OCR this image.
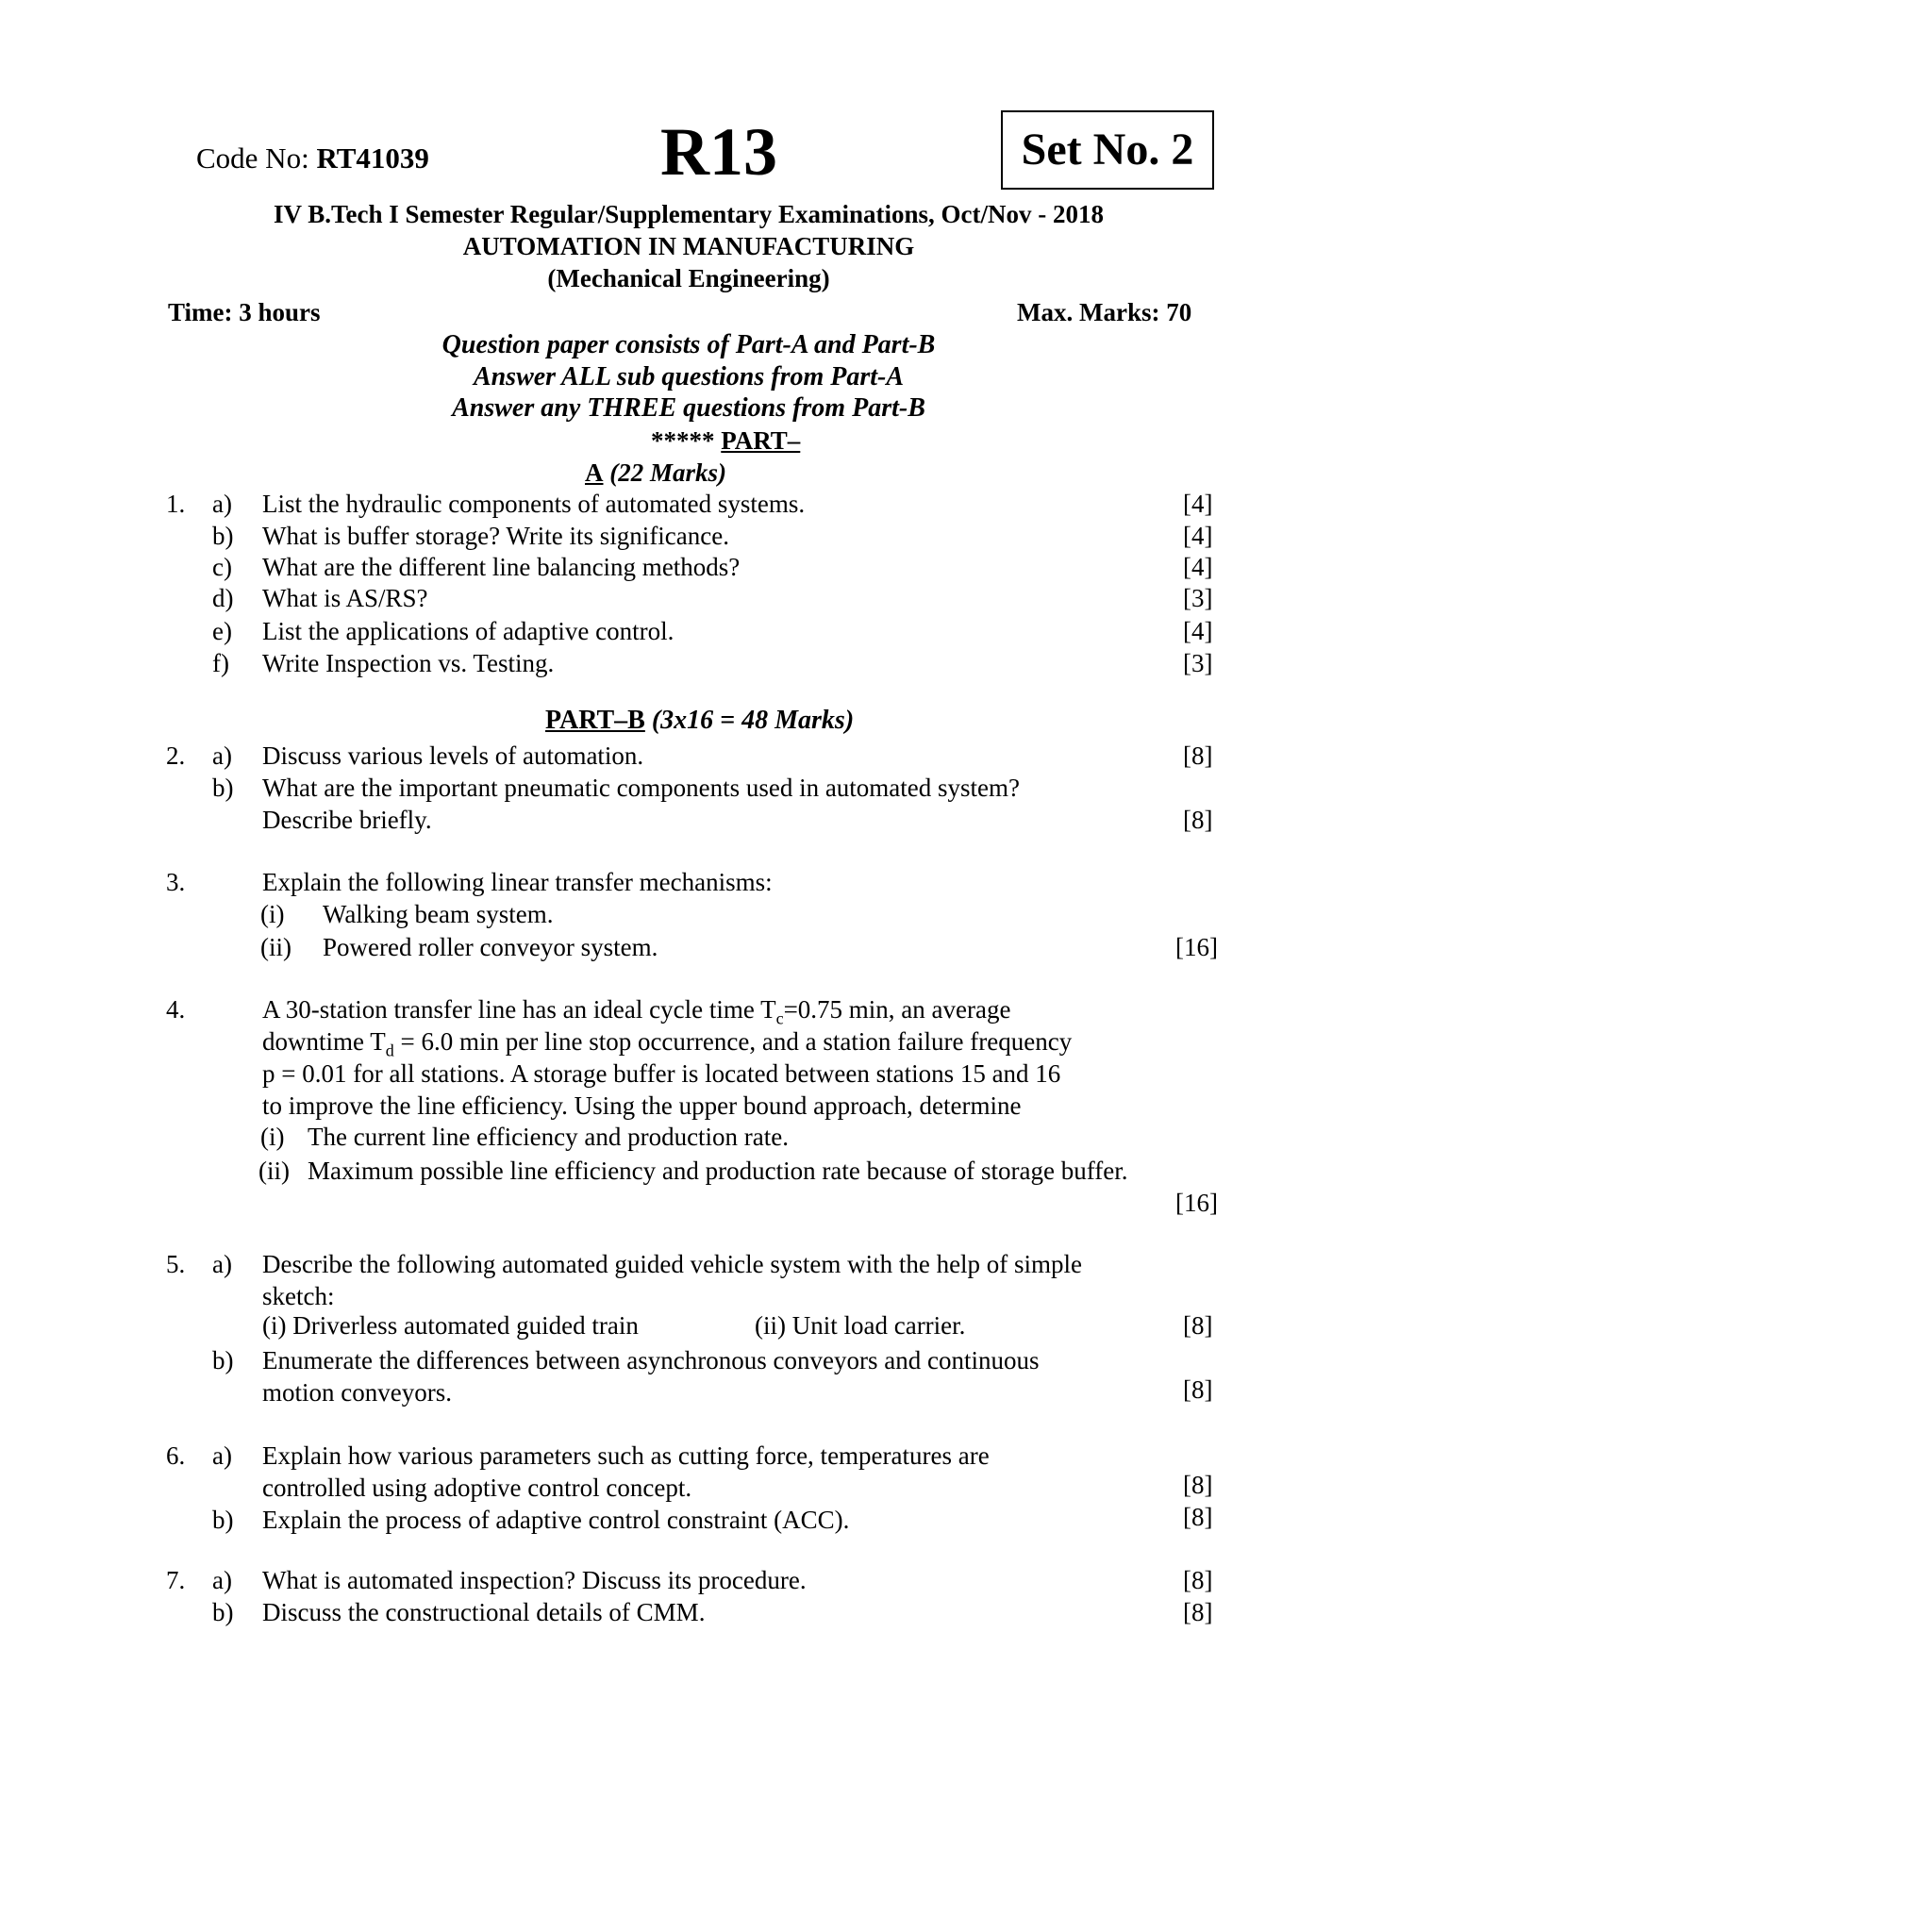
Code No: RT41039	R13	Set No. 2
IV B.Tech I Semester Regular/Supplementary Examinations, Oct/Nov - 2018
AUTOMATION IN MANUFACTURING
(Mechanical Engineering)
Time: 3 hours	Max. Marks: 70
Question paper consists of Part-A and Part-B
Answer ALL sub questions from Part-A
Answer any THREE questions from Part-B
***** PART–
A (22 Marks)
1. a) List the hydraulic components of automated systems.	[4]
b) What is buffer storage? Write its significance.	[4]
c) What are the different line balancing methods?	[4]
d) What is AS/RS?	[3]
e) List the applications of adaptive control.	[4]
f) Write Inspection vs. Testing.	[3]
PART–B (3x16 = 48 Marks)
2. a) Discuss various levels of automation.	[8]
b) What are the important pneumatic components used in automated system?
Describe briefly.	[8]
3.	Explain the following linear transfer mechanisms:
(i) Walking beam system.
(ii) Powered roller conveyor system.	[16]
4.	A 30-station transfer line has an ideal cycle time $T_c=0.75$ min, an average
downtime $T_d = 6.0$ min per line stop occurrence, and a station failure frequency
p = 0.01 for all stations. A storage buffer is located between stations 15 and 16
to improve the line efficiency. Using the upper bound approach, determine
(i) The current line efficiency and production rate.
(ii) Maximum possible line efficiency and production rate because of storage buffer.
[16]
5. a) Describe the following automated guided vehicle system with the help of simple
sketch:
(i) Driverless automated guided train	(ii) Unit load carrier.	[8]
b) Enumerate the differences between asynchronous conveyors and continuous
motion conveyors.	[8]
6. a) Explain how various parameters such as cutting force, temperatures are
controlled using adoptive control concept.	[8]
b) Explain the process of adaptive control constraint (ACC).	[8]
7. a) What is automated inspection? Discuss its procedure.	[8]
b) Discuss the constructional details of CMM.	[8]
